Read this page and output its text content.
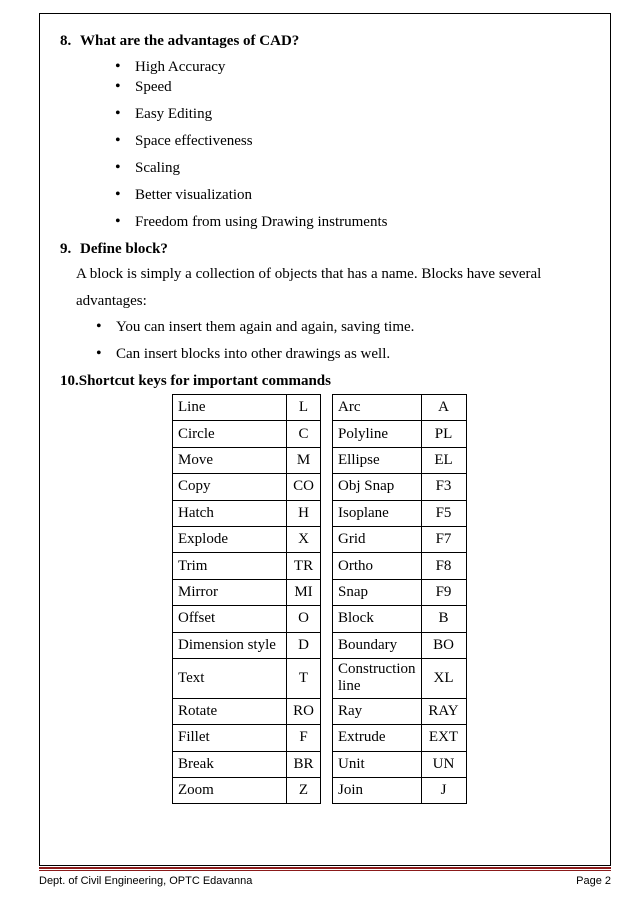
8. What are the advantages of CAD?
• High Accuracy
• Speed
• Easy Editing
• Space effectiveness
• Scaling
• Better visualization
• Freedom from using Drawing instruments
9. Define block?
A block is simply a collection of objects that has a name. Blocks have several
advantages:
• You can insert them again and again, saving time.
• Can insert blocks into other drawings as well.
10.Shortcut keys for important commands
Line	L
Circle	C
Move	M
Copy	CO
Hatch	H
Explode	X
Trim	TR
Mirror	MI
Offset	O
Dimension style	D
Text	T
Rotate	RO
Fillet	F
Break	BR
Zoom	Z
Arc	A
Polyline	PL
Ellipse	EL
Obj Snap	F3
Isoplane	F5
Grid	F7
Ortho	F8
Snap	F9
Block	B
Boundary	BO
Construction line	XL
Ray	RAY
Extrude	EXT
Unit	UN
Join	J
Dept. of Civil Engineering, OPTC Edavanna	Page 2
